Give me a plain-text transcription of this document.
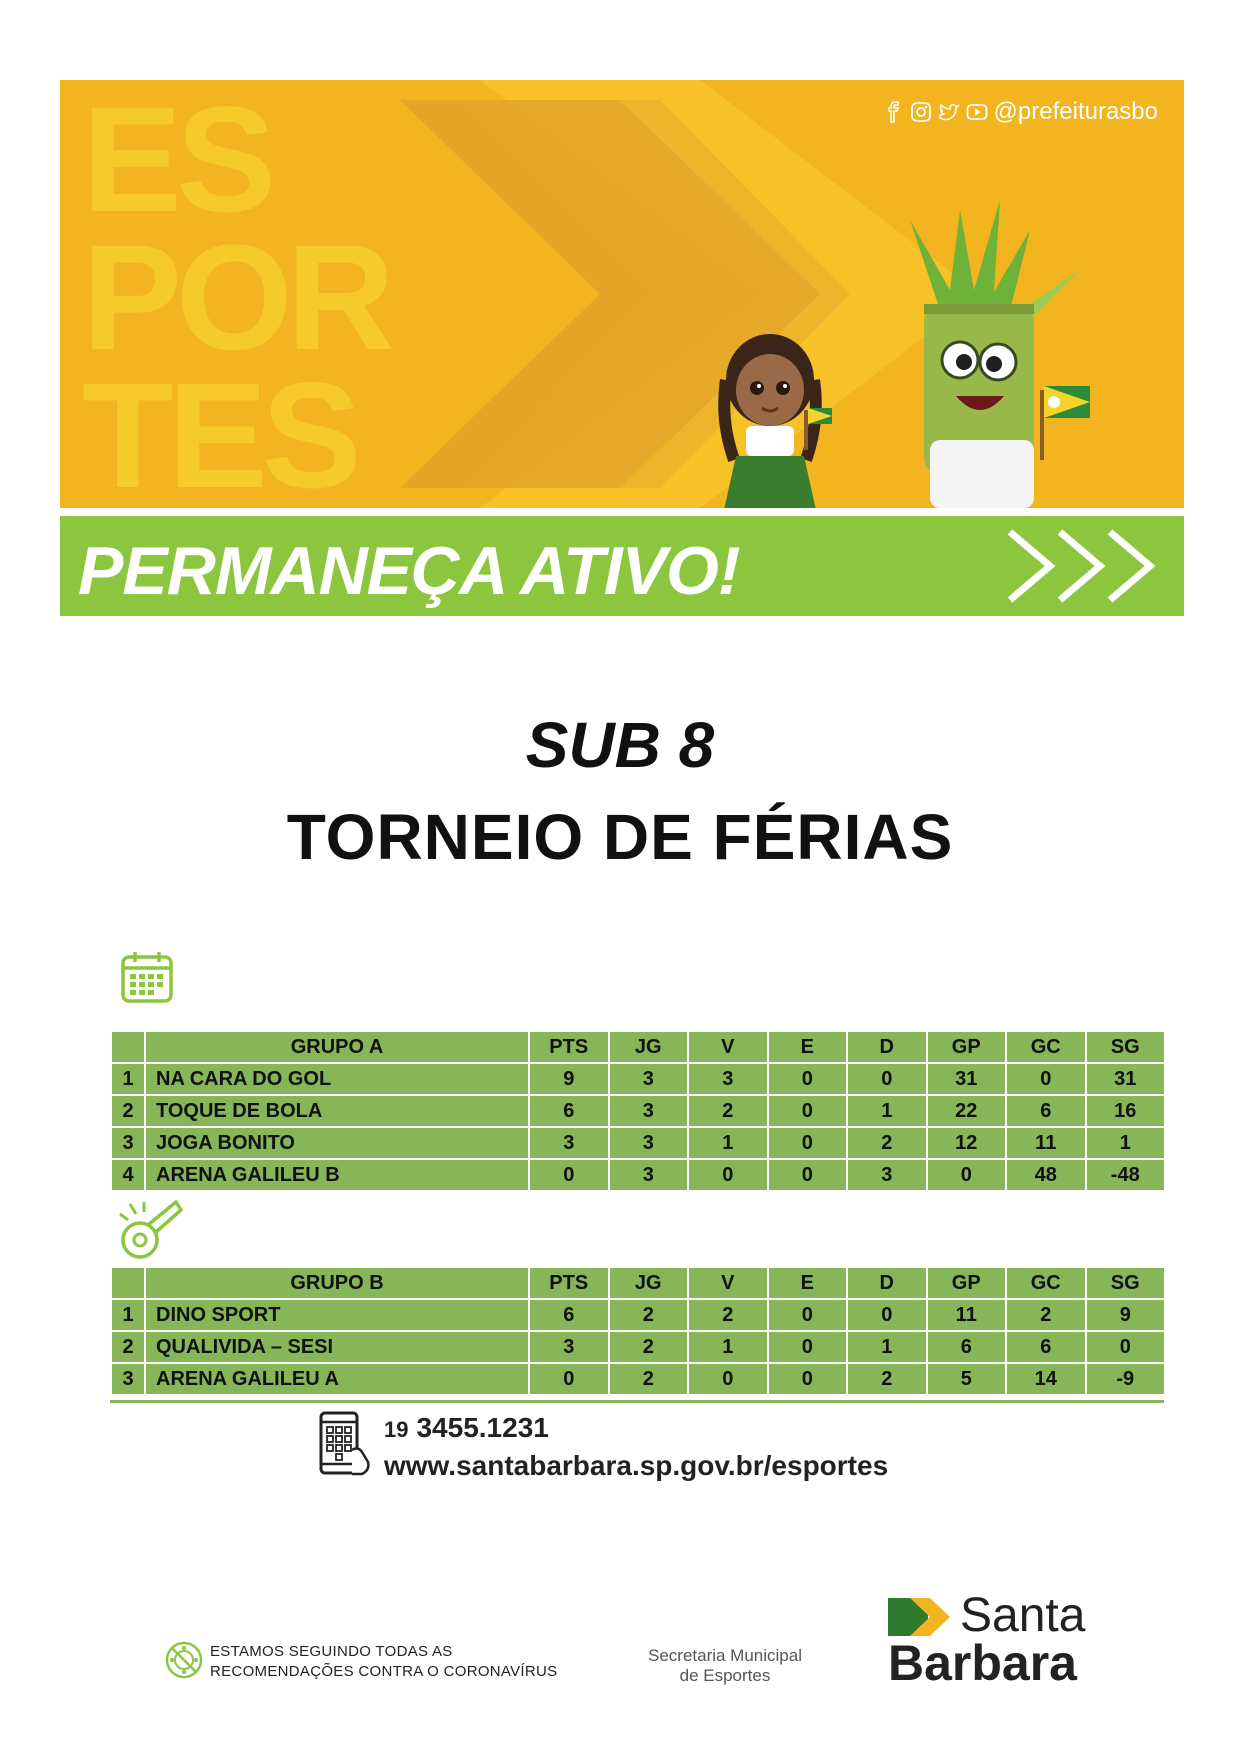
ES
POR
TES
@prefeiturasbo
PERMANEÇA ATIVO!
SUB 8
TORNEIO DE FÉRIAS
	GRUPO A	PTS	JG	V	E	D	GP	GC	SG
1	NA CARA DO GOL	9	3	3	0	0	31	0	31
2	TOQUE DE BOLA	6	3	2	0	1	22	6	16
3	JOGA BONITO	3	3	1	0	2	12	11	1
4	ARENA GALILEU B	0	3	0	0	3	0	48	-48
	GRUPO B	PTS	JG	V	E	D	GP	GC	SG
1	DINO SPORT	6	2	2	0	0	11	2	9
2	QUALIVIDA – SESI	3	2	1	0	1	6	6	0
3	ARENA GALILEU A	0	2	0	0	2	5	14	-9
19 3455.1231
www.santabarbara.sp.gov.br/esportes
ESTAMOS SEGUINDO TODAS AS
RECOMENDAÇÕES CONTRA O CORONAVÍRUS
Secretaria Municipal
de Esportes
Santa
Barbara
